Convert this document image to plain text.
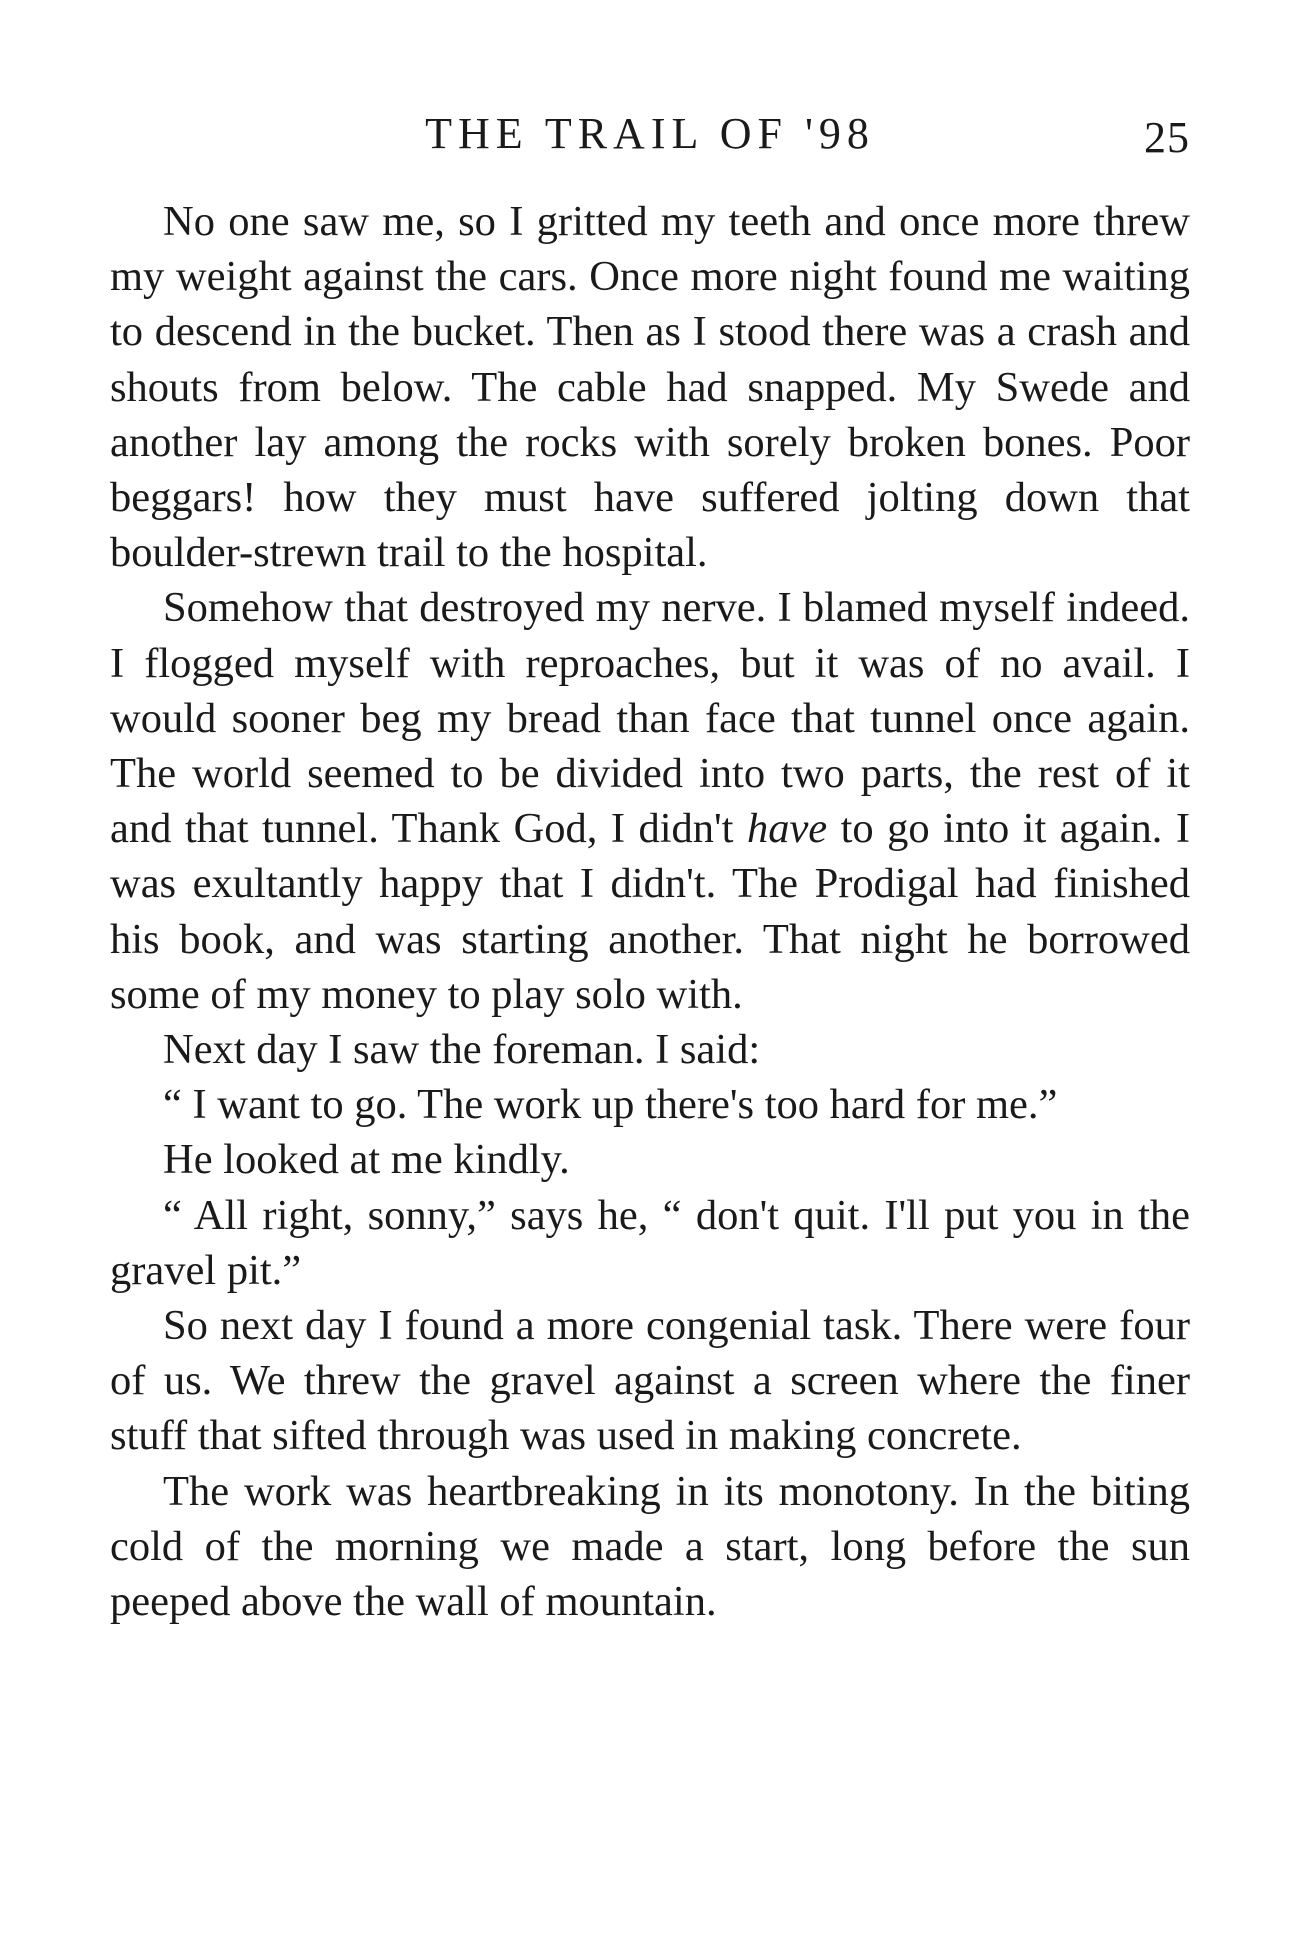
THE TRAIL OF '98	25

No one saw me, so I gritted my teeth and once more threw my weight against the cars. Once more night found me waiting to descend in the bucket. Then as I stood there was a crash and shouts from below. The cable had snapped. My Swede and another lay among the rocks with sorely broken bones. Poor beggars! how they must have suffered jolting down that boulder-strewn trail to the hospital.

Somehow that destroyed my nerve. I blamed myself indeed. I flogged myself with reproaches, but it was of no avail. I would sooner beg my bread than face that tunnel once again. The world seemed to be divided into two parts, the rest of it and that tunnel. Thank God, I didn't have to go into it again. I was exultantly happy that I didn't. The Prodigal had finished his book, and was starting another. That night he borrowed some of my money to play solo with.

Next day I saw the foreman. I said:

“ I want to go. The work up there's too hard for me.”

He looked at me kindly.

“ All right, sonny,” says he, “ don't quit. I'll put you in the gravel pit.”

So next day I found a more congenial task. There were four of us. We threw the gravel against a screen where the finer stuff that sifted through was used in making concrete.

The work was heartbreaking in its monotony. In the biting cold of the morning we made a start, long before the sun peeped above the wall of mountain.
